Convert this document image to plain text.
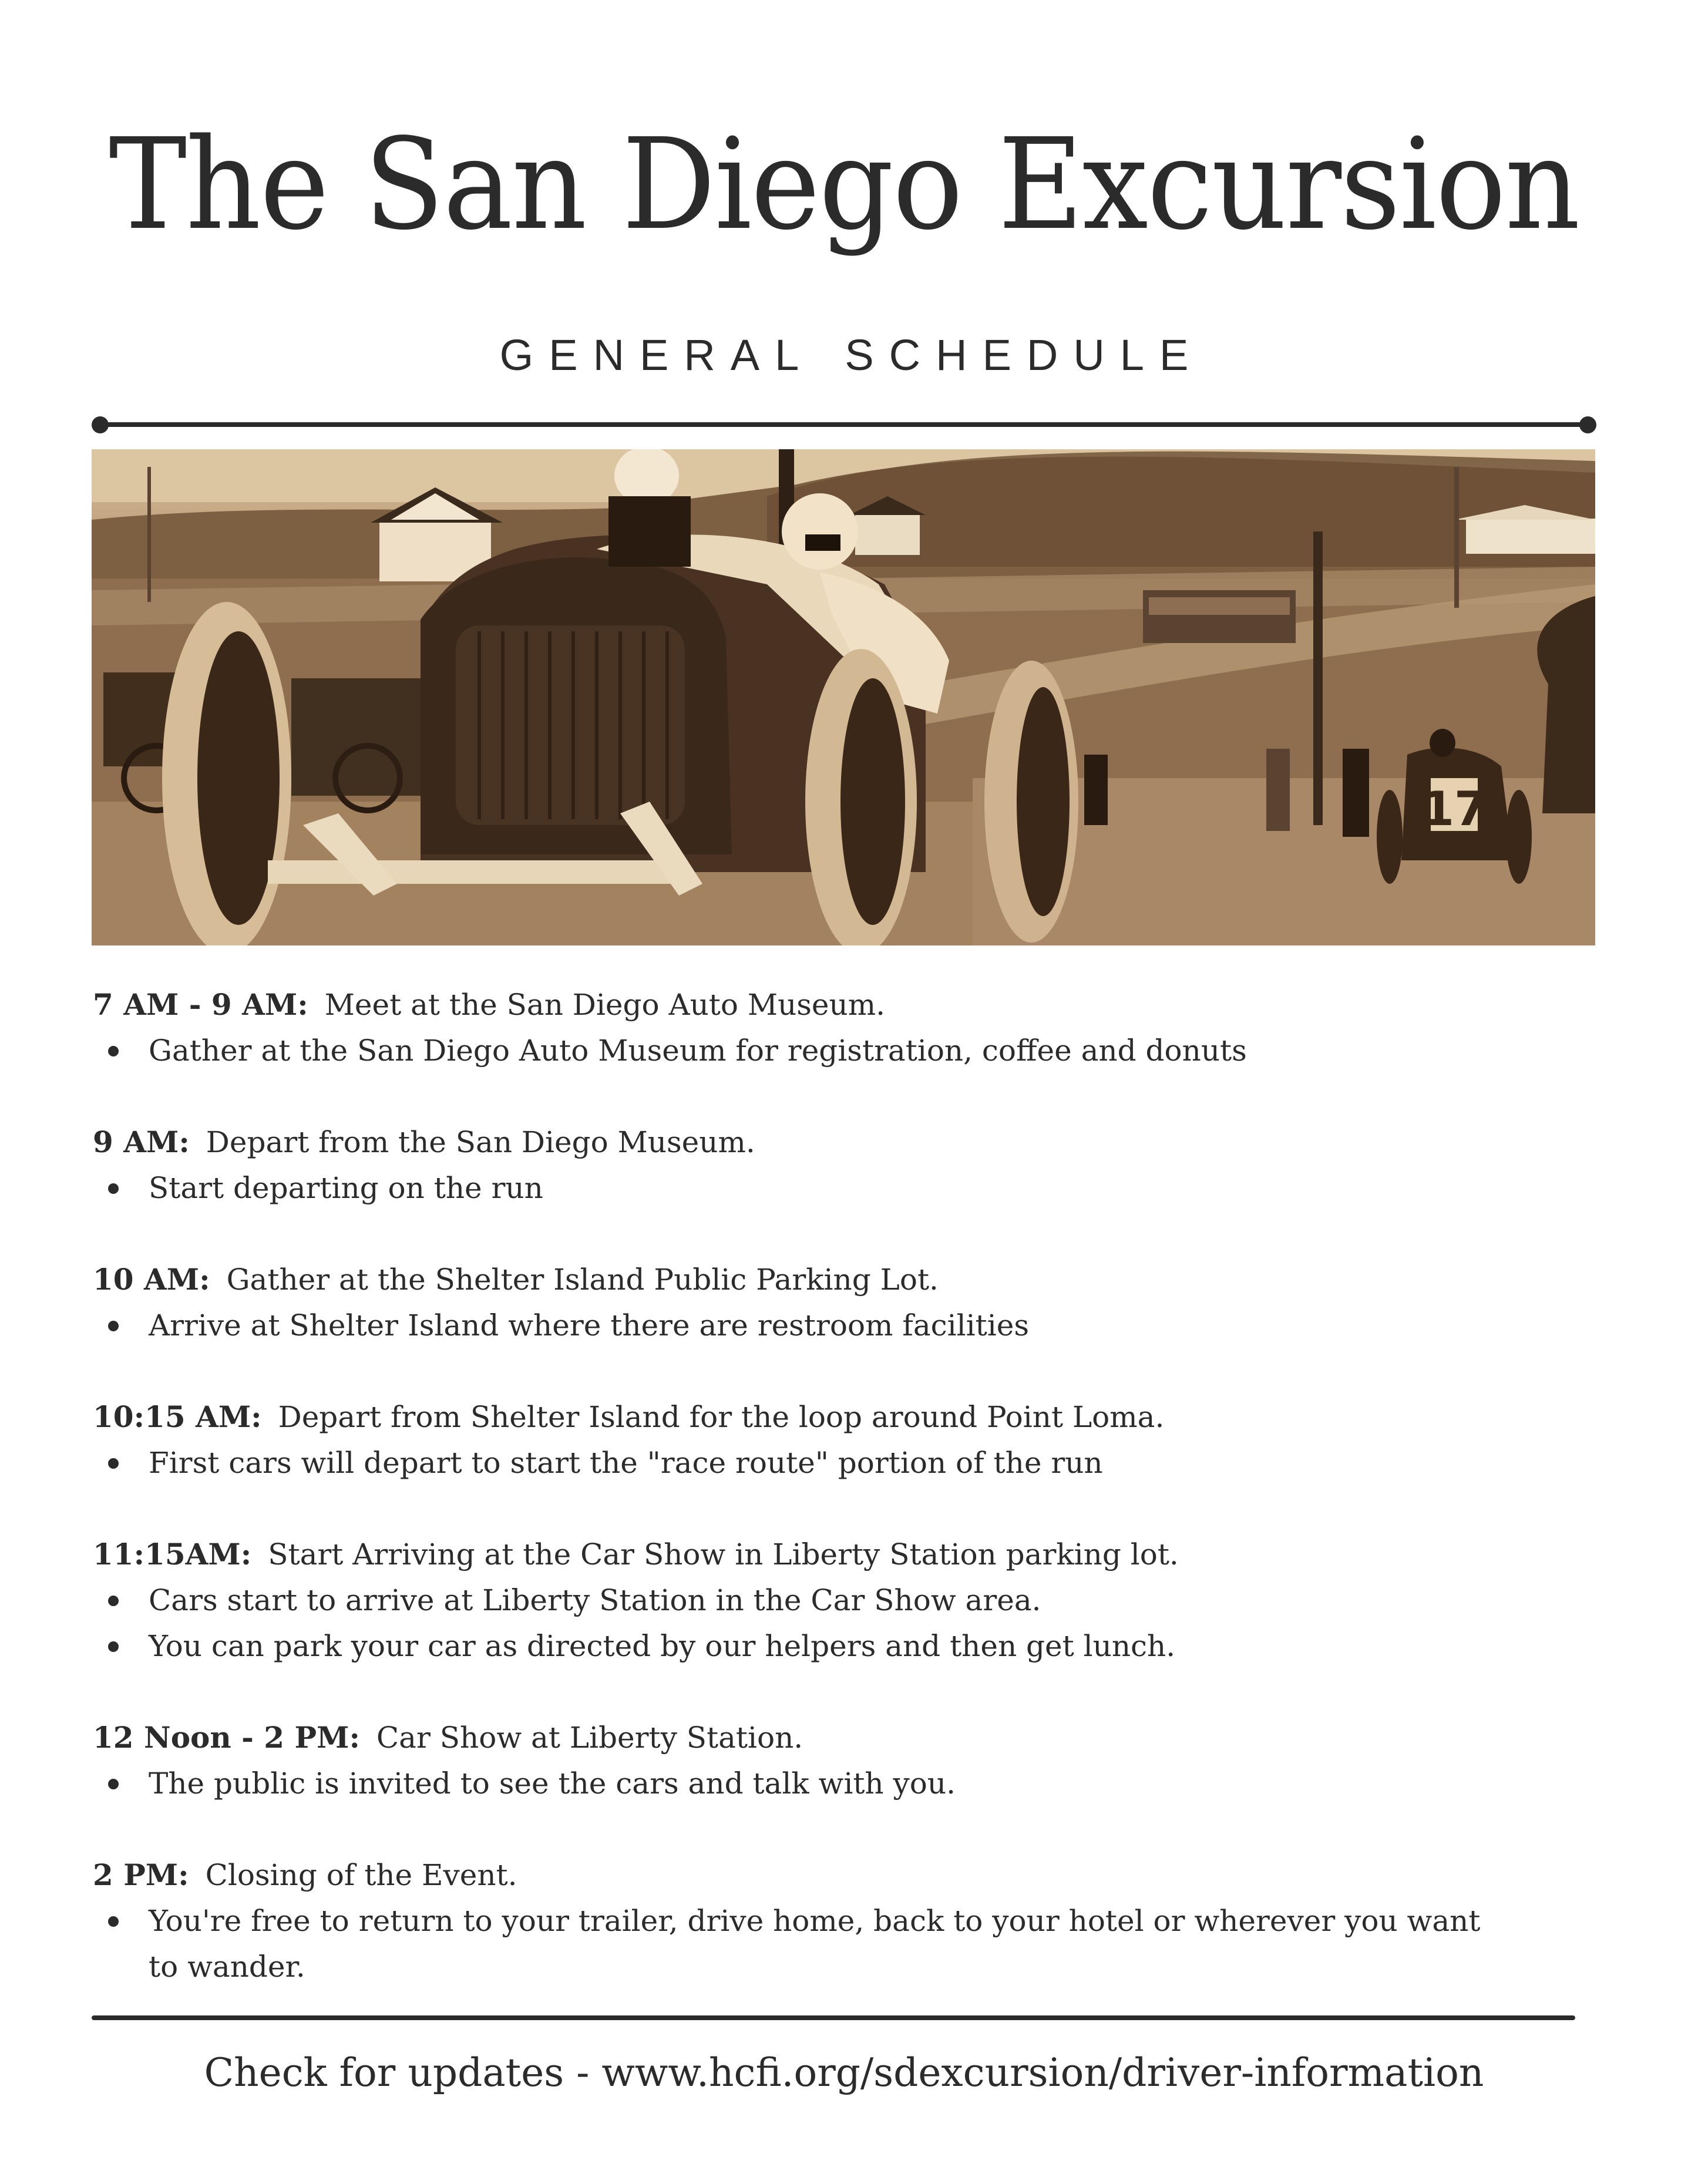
The San Diego Excursion
GENERAL SCHEDULE
17
7 AM - 9 AM: Meet at the San Diego Auto Museum.
Gather at the San Diego Auto Museum for registration, coffee and donuts
9 AM: Depart from the San Diego Museum.
Start departing on the run
10 AM: Gather at the Shelter Island Public Parking Lot.
Arrive at Shelter Island where there are restroom facilities
10:15 AM: Depart from Shelter Island for the loop around Point Loma.
First cars will depart to start the "race route" portion of the run
11:15AM: Start Arriving at the Car Show in Liberty Station parking lot.
Cars start to arrive at Liberty Station in the Car Show area.
You can park your car as directed by our helpers and then get lunch.
12 Noon - 2 PM: Car Show at Liberty Station.
The public is invited to see the cars and talk with you.
2 PM: Closing of the Event.
You're free to return to your trailer, drive home, back to your hotel or wherever you want to wander.
Check for updates - www.hcfi.org/sdexcursion/driver-information
